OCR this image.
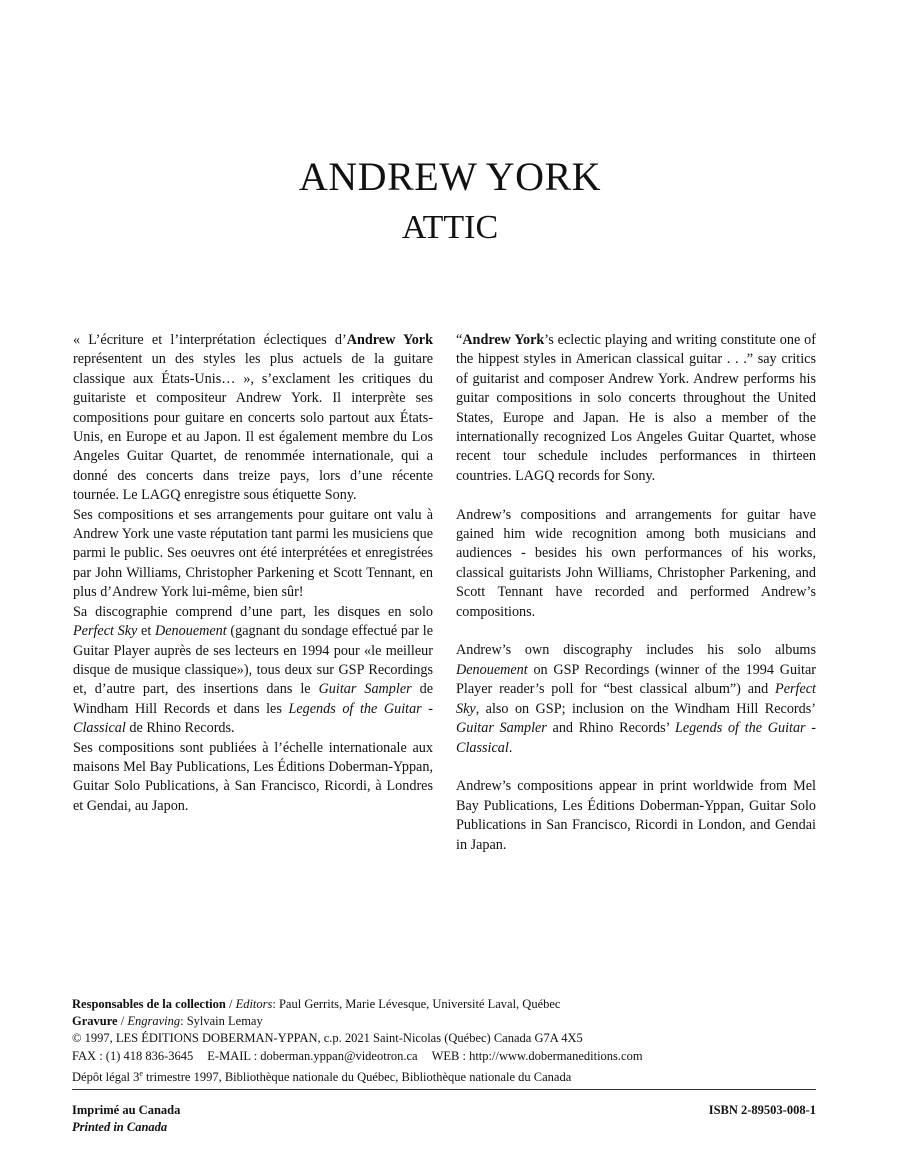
ANDREW YORK
ATTIC

« L’écriture et l’interprétation éclectiques d’Andrew York représentent un des styles les plus actuels de la guitare classique aux États-Unis… », s’exclament les critiques du guitariste et compositeur Andrew York. Il interprète ses compositions pour guitare en concerts solo partout aux États-Unis, en Europe et au Japon. Il est également membre du Los Angeles Guitar Quartet, de renommée internationale, qui a donné des concerts dans treize pays, lors d’une récente tournée. Le LAGQ enregistre sous étiquette Sony.

Ses compositions et ses arrangements pour guitare ont valu à Andrew York une vaste réputation tant parmi les musiciens que parmi le public. Ses oeuvres ont été interprétées et enregistrées par John Williams, Christopher Parkening et Scott Tennant, en plus d’Andrew York lui-même, bien sûr!

Sa discographie comprend d’une part, les disques en solo Perfect Sky et Denouement (gagnant du sondage effectué par le Guitar Player auprès de ses lecteurs en 1994 pour «le meilleur disque de musique classique»), tous deux sur GSP Recordings et, d’autre part, des insertions dans le Guitar Sampler de Windham Hill Records et dans les Legends of the Guitar - Classical de Rhino Records.

Ses compositions sont publiées à l’échelle internationale aux maisons Mel Bay Publications, Les Éditions Doberman-Yppan, Guitar Solo Publications, à San Francisco, Ricordi, à Londres et Gendai, au Japon.

“Andrew York’s eclectic playing and writing constitute one of the hippest styles in American classical guitar . . .” say critics of guitarist and composer Andrew York. Andrew performs his guitar compositions in solo concerts throughout the United States, Europe and Japan. He is also a member of the internationally recognized Los Angeles Guitar Quartet, whose recent tour schedule includes performances in thirteen countries. LAGQ records for Sony.

Andrew’s compositions and arrangements for guitar have gained him wide recognition among both musicians and audiences - besides his own performances of his works, classical guitarists John Williams, Christopher Parkening, and Scott Tennant have recorded and performed Andrew’s compositions.

Andrew’s own discography includes his solo albums Denouement on GSP Recordings (winner of the 1994 Guitar Player reader’s poll for “best classical album”) and Perfect Sky, also on GSP; inclusion on the Windham Hill Records’ Guitar Sampler and Rhino Records’ Legends of the Guitar - Classical.

Andrew’s compositions appear in print worldwide from Mel Bay Publications, Les Éditions Doberman-Yppan, Guitar Solo Publications in San Francisco, Ricordi in London, and Gendai in Japan.

Responsables de la collection / Editors: Paul Gerrits, Marie Lévesque, Université Laval, Québec
Gravure / Engraving: Sylvain Lemay
© 1997, LES ÉDITIONS DOBERMAN-YPPAN, c.p. 2021 Saint-Nicolas (Québec) Canada G7A 4X5
FAX : (1) 418 836-3645 E-MAIL : doberman.yppan@videotron.ca WEB : http://www.dobermaneditions.com
Dépôt légal 3e trimestre 1997, Bibliothèque nationale du Québec, Bibliothèque nationale du Canada
Imprimé au Canada
Printed in Canada
ISBN 2-89503-008-1
